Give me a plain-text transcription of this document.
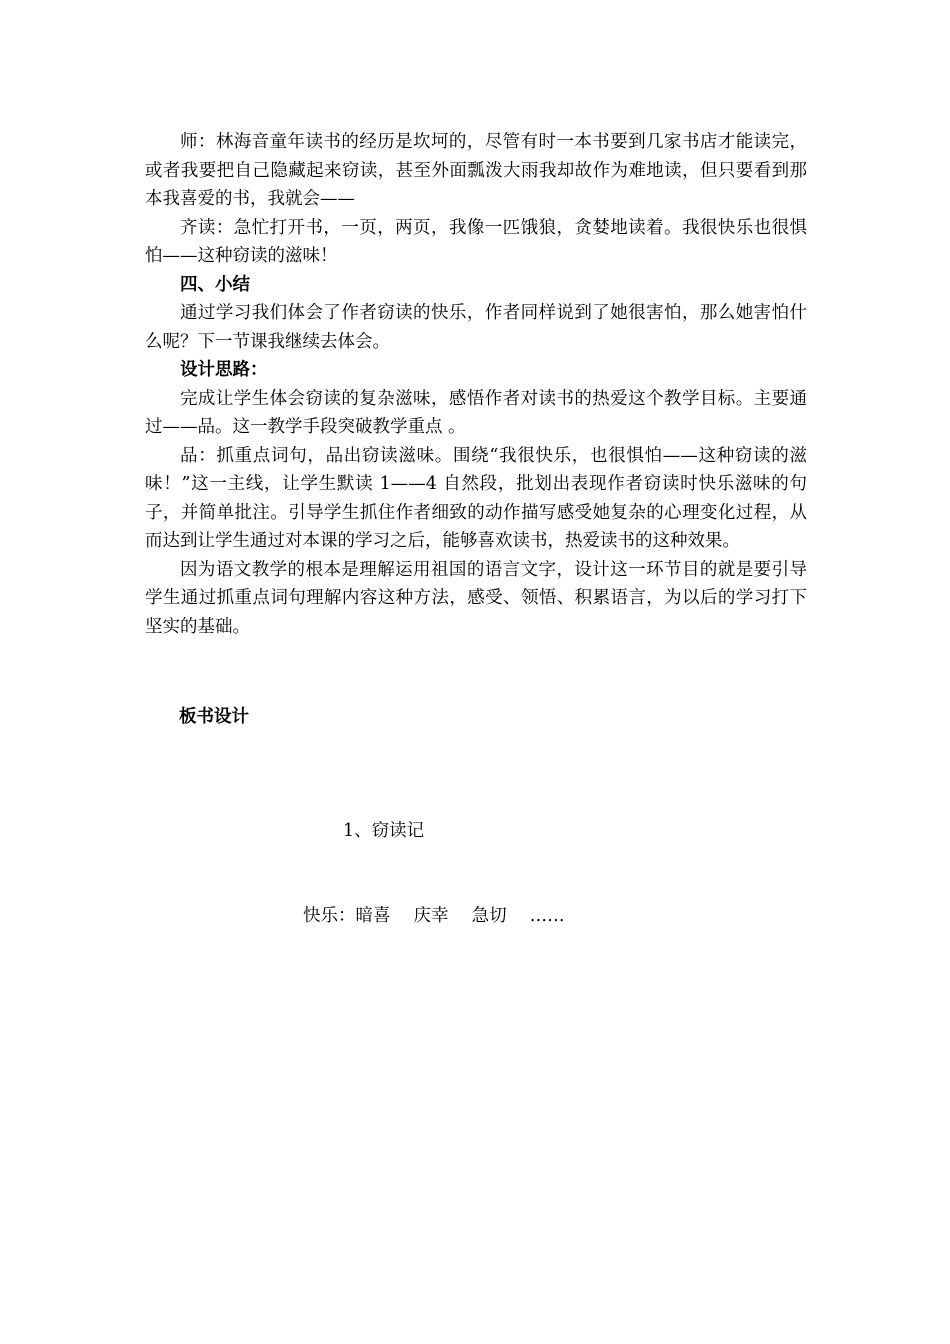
师：林海音童年读书的经历是坎坷的，尽管有时一本书要到几家书店才能读完，或者我要把自己隐藏起来窃读，甚至外面瓢泼大雨我却故作为难地读，但只要看到那本我喜爱的书，我就会——

齐读：急忙打开书，一页，两页，我像一匹饿狼，贪婪地读着。我很快乐也很惧怕——这种窃读的滋味！

四、小结

通过学习我们体会了作者窃读的快乐，作者同样说到了她很害怕，那么她害怕什么呢？下一节课我继续去体会。

设计思路：

完成让学生体会窃读的复杂滋味，感悟作者对读书的热爱这个教学目标。主要通过——品。这一教学手段突破教学重点 。

品：抓重点词句，品出窃读滋味。围绕“我很快乐，也很惧怕——这种窃读的滋味！”这一主线，让学生默读 1——4 自然段，批划出表现作者窃读时快乐滋味的句子，并简单批注。引导学生抓住作者细致的动作描写感受她复杂的心理变化过程，从而达到让学生通过对本课的学习之后，能够喜欢读书，热爱读书的这种效果。

因为语文教学的根本是理解运用祖国的语言文字，设计这一环节目的就是要引导学生通过抓重点词句理解内容这种方法，感受、领悟、积累语言，为以后的学习打下坚实的基础。

板书设计
1、窃读记
快乐：暗喜　 庆幸　 急切　 ……
